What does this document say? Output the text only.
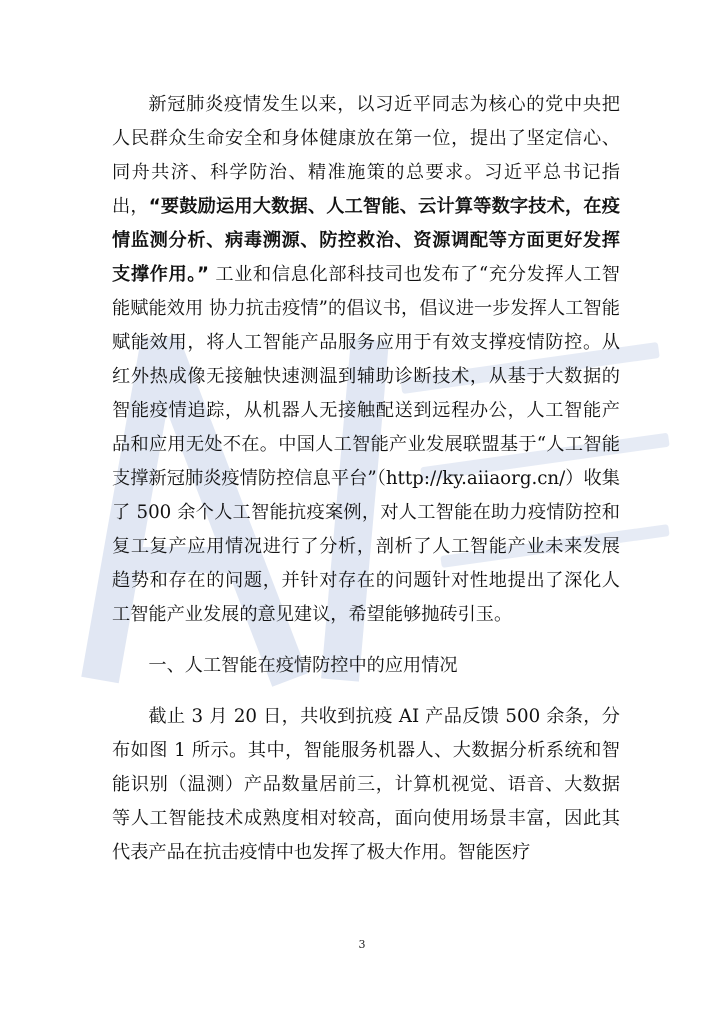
新冠肺炎疫情发生以来，以习近平同志为核心的党中央把人民群众生命安全和身体健康放在第一位，提出了坚定信心、同舟共济、科学防治、精准施策的总要求。习近平总书记指出，“要鼓励运用大数据、人工智能、云计算等数字技术，在疫情监测分析、病毒溯源、防控救治、资源调配等方面更好发挥支撑作用。” 工业和信息化部科技司也发布了“充分发挥人工智能赋能效用 协力抗击疫情”的倡议书，倡议进一步发挥人工智能赋能效用，将人工智能产品服务应用于有效支撑疫情防控。从红外热成像无接触快速测温到辅助诊断技术，从基于大数据的智能疫情追踪，从机器人无接触配送到远程办公，人工智能产品和应用无处不在。中国人工智能产业发展联盟基于“人工智能支撑新冠肺炎疫情防控信息平台”（http://ky.aiiaorg.cn/）收集了 500 余个人工智能抗疫案例，对人工智能在助力疫情防控和复工复产应用情况进行了分析，剖析了人工智能产业未来发展趋势和存在的问题，并针对存在的问题针对性地提出了深化人工智能产业发展的意见建议，希望能够抛砖引玉。

一、人工智能在疫情防控中的应用情况

截止 3 月 20 日，共收到抗疫 AI 产品反馈 500 余条，分布如图 1 所示。其中，智能服务机器人、大数据分析系统和智能识别（温测）产品数量居前三，计算机视觉、语音、大数据等人工智能技术成熟度相对较高，面向使用场景丰富，因此其代表产品在抗击疫情中也发挥了极大作用。智能医疗

3
